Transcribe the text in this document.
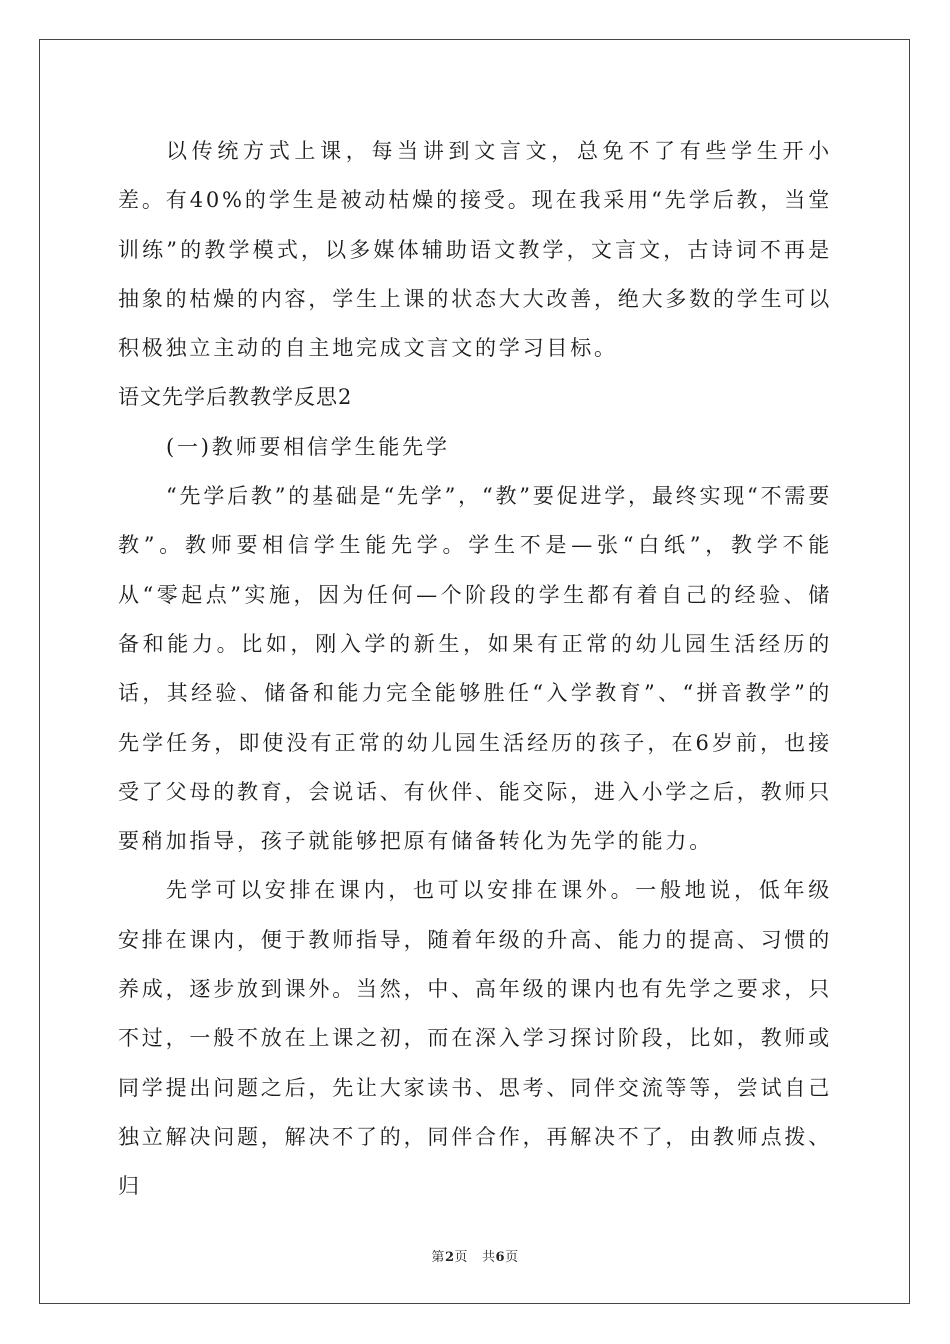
以传统方式上课，每当讲到文言文，总免不了有些学生开小差。有40%的学生是被动枯燥的接受。现在我采用“先学后教，当堂训练”的教学模式，以多媒体辅助语文教学，文言文，古诗词不再是抽象的枯燥的内容，学生上课的状态大大改善，绝大多数的学生可以积极独立主动的自主地完成文言文的学习目标。

语文先学后教教学反思2

(一)教师要相信学生能先学

“先学后教”的基础是“先学”，“教”要促进学，最终实现“不需要教”。教师要相信学生能先学。学生不是—张“白纸”，教学不能从“零起点”实施，因为任何—个阶段的学生都有着自己的经验、储备和能力。比如，刚入学的新生，如果有正常的幼儿园生活经历的话，其经验、储备和能力完全能够胜任“入学教育”、“拼音教学”的先学任务，即使没有正常的幼儿园生活经历的孩子，在6岁前，也接受了父母的教育，会说话、有伙伴、能交际，进入小学之后，教师只要稍加指导，孩子就能够把原有储备转化为先学的能力。

先学可以安排在课内，也可以安排在课外。一般地说，低年级安排在课内，便于教师指导，随着年级的升高、能力的提高、习惯的养成，逐步放到课外。当然，中、高年级的课内也有先学之要求，只不过，一般不放在上课之初，而在深入学习探讨阶段，比如，教师或同学提出问题之后，先让大家读书、思考、同伴交流等等，尝试自己独立解决问题，解决不了的，同伴合作，再解决不了，由教师点拨、归

第2页 共6页
